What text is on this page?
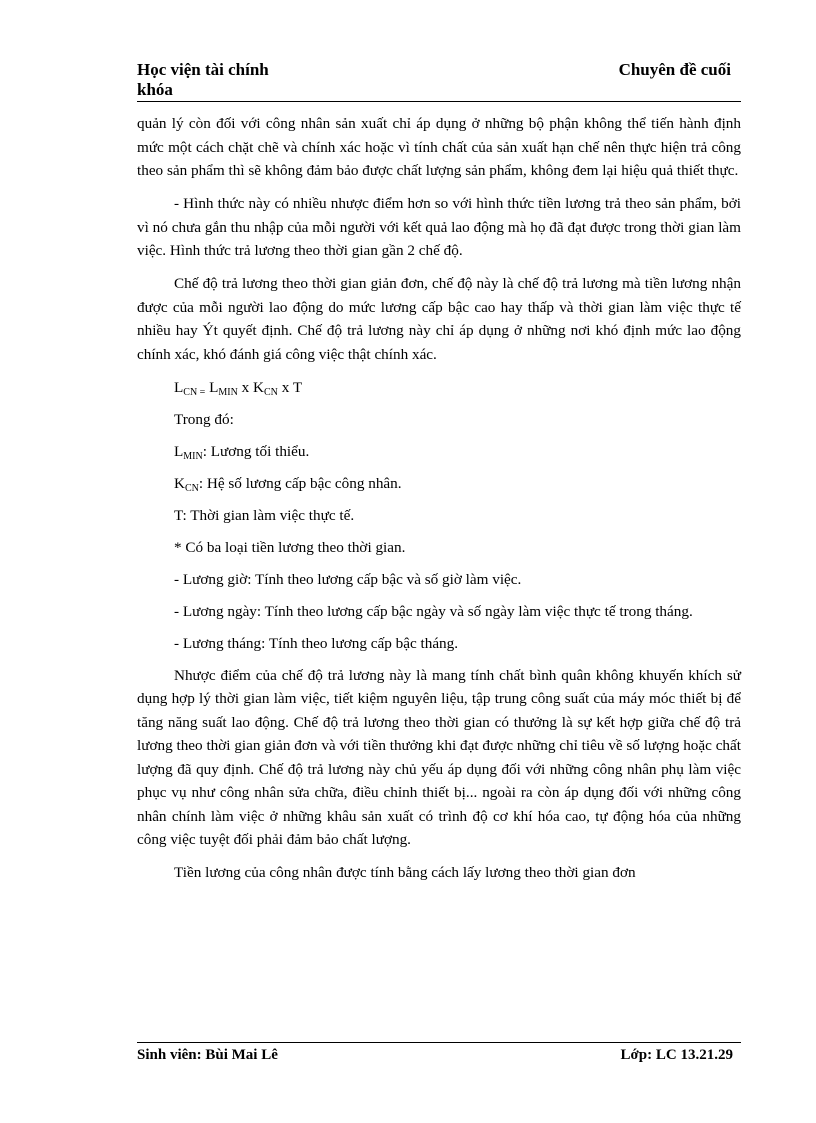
Học viện tài chính	Chuyên đề cuối
khóa

quản lý còn đối với công nhân sản xuất chỉ áp dụng ở những bộ phận không thể tiến hành định mức một cách chặt chẽ và chính xác hoặc vì tính chất của sản xuất hạn chế nên thực hiện trả công theo sản phẩm thì sẽ không đảm bảo được chất lượng sản phẩm, không đem lại hiệu quả thiết thực.

- Hình thức này có nhiều nhược điểm hơn so với hình thức tiền lương trả theo sản phẩm, bởi vì nó chưa gắn thu nhập của mỗi người với kết quả lao động mà họ đã đạt được trong thời gian làm việc. Hình thức trả lương theo thời gian gần 2 chế độ.

Chế độ trả lương theo thời gian giản đơn, chế độ này là chế độ trả lương mà tiền lương nhận được của mỗi người lao động do mức lương cấp bậc cao hay thấp và thời gian làm việc thực tế nhiều hay Ýt quyết định. Chế độ trả lương này chỉ áp dụng ở những nơi khó định mức lao động chính xác, khó đánh giá công việc thật chính xác.

$L_{CN =}$ $L_{MIN}$ x $K_{CN}$ x T

Trong đó:

$L_{MIN}$: Lương tối thiểu.

$K_{CN}$: Hệ số lương cấp bậc công nhân.

T: Thời gian làm việc thực tế.

* Có ba loại tiền lương theo thời gian.

- Lương giờ: Tính theo lương cấp bậc và số giờ làm việc.

- Lương ngày: Tính theo lương cấp bậc ngày và số ngày làm việc thực tế trong tháng.

- Lương tháng: Tính theo lương cấp bậc tháng.

Nhược điểm của chế độ trả lương này là mang tính chất bình quân không khuyến khích sử dụng hợp lý thời gian làm việc, tiết kiệm nguyên liệu, tập trung công suất của máy móc thiết bị để tăng năng suất lao động. Chế độ trả lương theo thời gian có thưởng là sự kết hợp giữa chế độ trả lương theo thời gian giản đơn và với tiền thưởng khi đạt được những chỉ tiêu về số lượng hoặc chất lượng đã quy định. Chế độ trả lương này chủ yếu áp dụng đối với những công nhân phụ làm việc phục vụ như công nhân sửa chữa, điều chỉnh thiết bị... ngoài ra còn áp dụng đối với những công nhân chính làm việc ở những khâu sản xuất có trình độ cơ khí hóa cao, tự động hóa của những công việc tuyệt đối phải đảm bảo chất lượng.

Tiền lương của công nhân được tính bằng cách lấy lương theo thời gian đơn

Sinh viên: Bùi Mai Lê	Lớp: LC 13.21.29
